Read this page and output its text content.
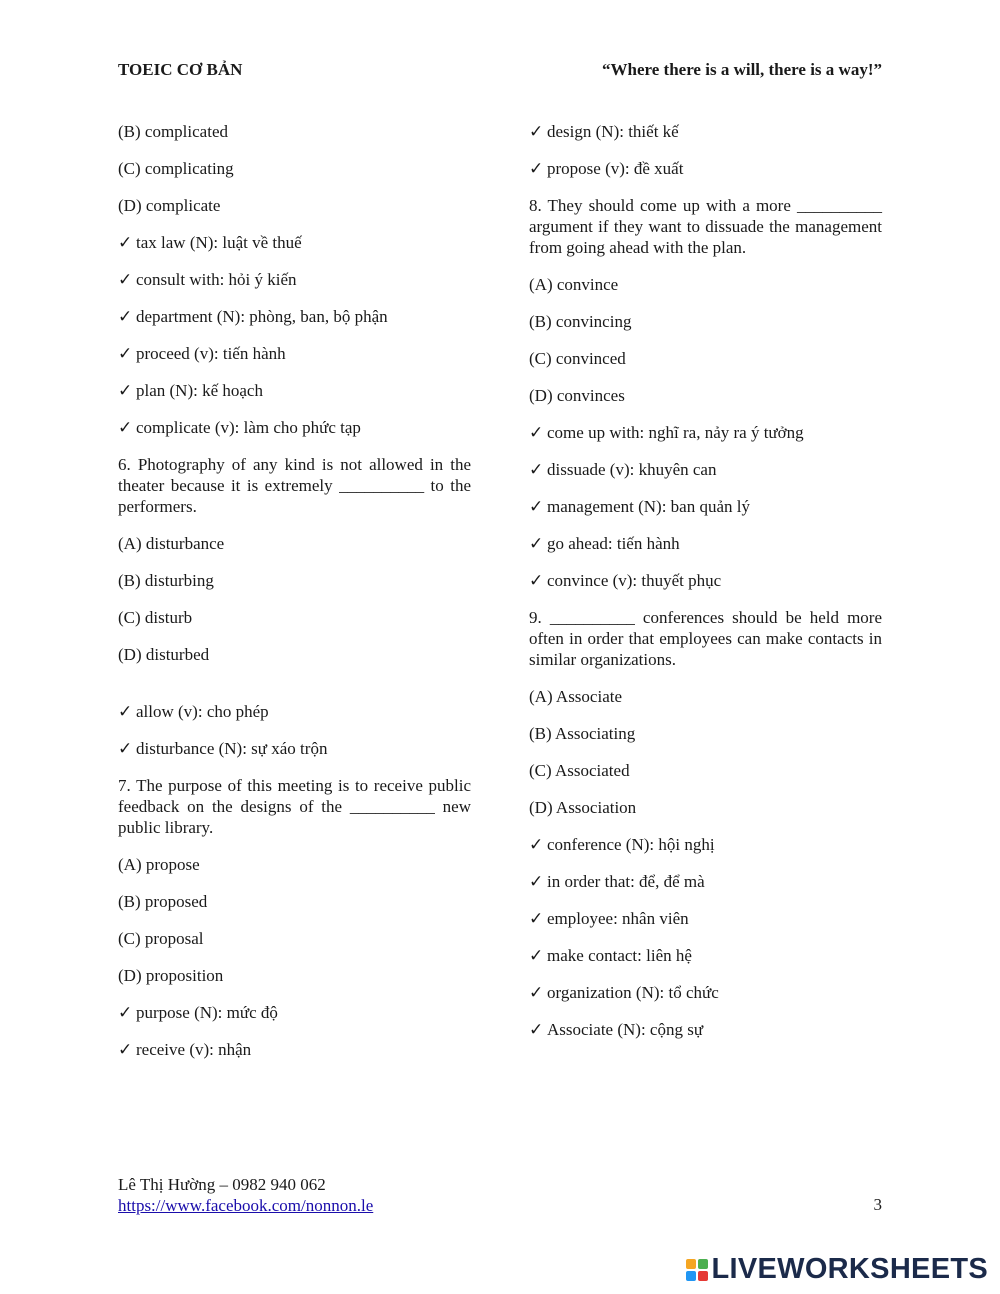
TOEIC CƠ BẢN	“Where there is a will, there is a way!”
(B) complicated
(C) complicating
(D) complicate
✓ tax law (N): luật về thuế
✓ consult with: hỏi ý kiến
✓ department (N): phòng, ban, bộ phận
✓ proceed (v): tiến hành
✓ plan (N): kế hoạch
✓ complicate (v): làm cho phức tạp
6. Photography of any kind is not allowed in the theater because it is extremely __________ to the performers.
(A) disturbance
(B) disturbing
(C) disturb
(D) disturbed
✓ allow (v): cho phép
✓ disturbance (N): sự xáo trộn
7. The purpose of this meeting is to receive public feedback on the designs of the __________ new public library.
(A) propose
(B) proposed
(C) proposal
(D) proposition
✓ purpose (N): mức độ
✓ receive (v): nhận
✓ design (N): thiết kế
✓ propose (v): đề xuất
8. They should come up with a more __________ argument if they want to dissuade the management from going ahead with the plan.
(A) convince
(B) convincing
(C) convinced
(D) convinces
✓ come up with: nghĩ ra, nảy ra ý tưởng
✓ dissuade (v): khuyên can
✓ management (N): ban quản lý
✓ go ahead: tiến hành
✓ convince (v): thuyết phục
9. __________ conferences should be held more often in order that employees can make contacts in similar organizations.
(A) Associate
(B) Associating
(C) Associated
(D) Association
✓ conference (N): hội nghị
✓ in order that: để, để mà
✓ employee: nhân viên
✓ make contact: liên hệ
✓ organization (N): tổ chức
✓ Associate (N): cộng sự
Lê Thị Hường – 0982 940 062
https://www.facebook.com/nonnon.le	3
LIVEWORKSHEETS
